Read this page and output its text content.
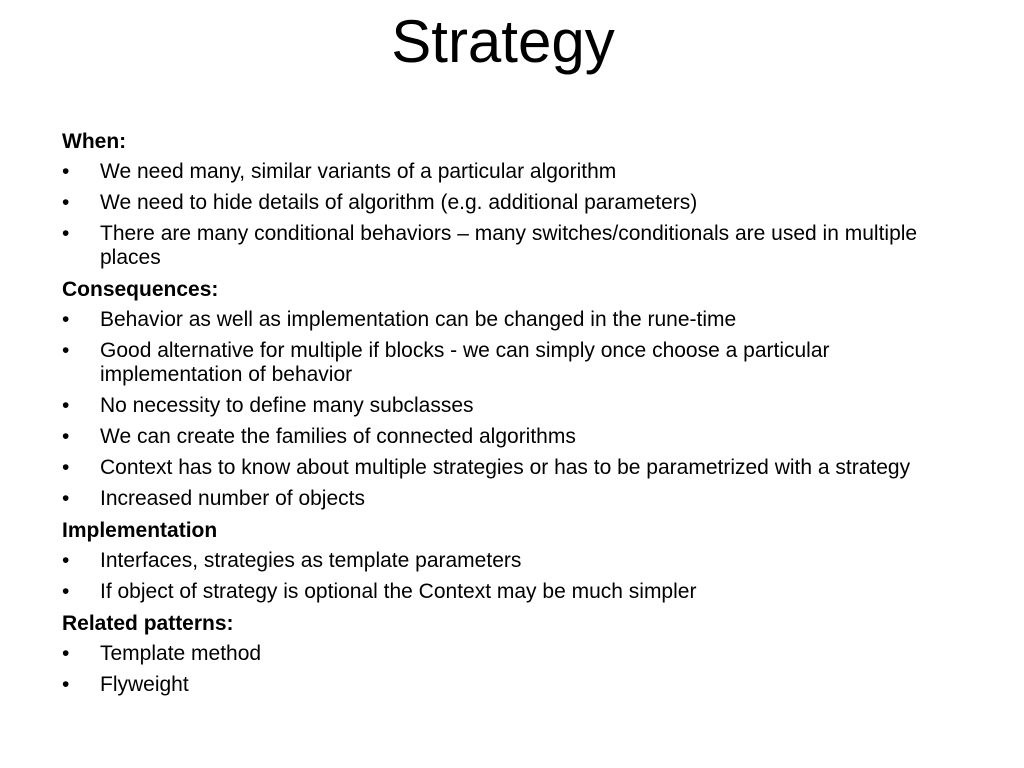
Strategy
When:
•	We need many, similar variants of a particular algorithm
•	We need to hide details of algorithm (e.g. additional parameters)
•	There are many conditional behaviors – many switches/conditionals are used in multiple places
Consequences:
•	Behavior as well as implementation can be changed in the rune-time
•	Good alternative for multiple if blocks - we can simply once choose a particular implementation of behavior
•	No necessity to define many subclasses
•	We can create the families of connected algorithms
•	Context has to know about multiple strategies or has to be parametrized with a strategy
•	Increased number of objects
Implementation
•	Interfaces, strategies as template parameters
•	If object of strategy is optional the Context may be much simpler
Related patterns:
•	Template method
•	Flyweight
